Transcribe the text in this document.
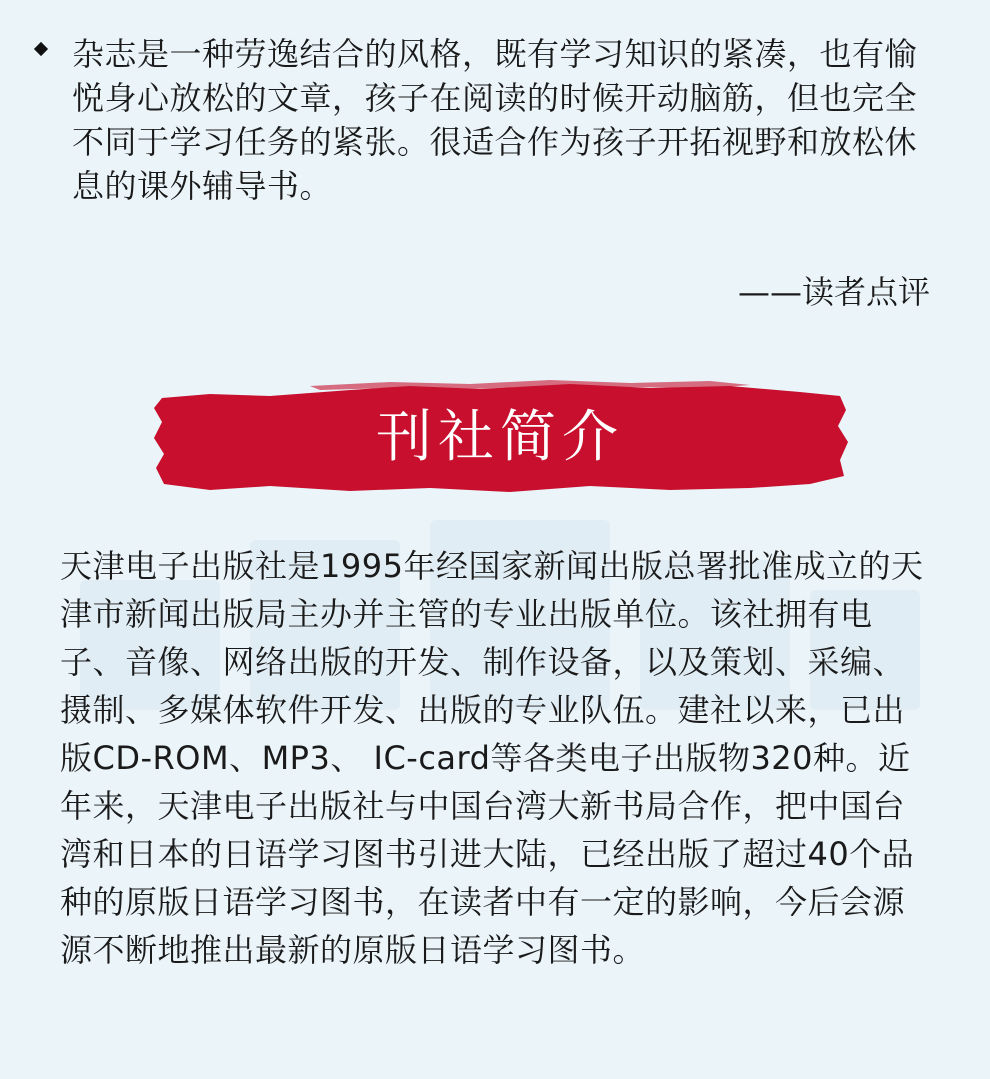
杂志是一种劳逸结合的风格，既有学习知识的紧凑，也有愉悦身心放松的文章，孩子在阅读的时候开动脑筋，但也完全不同于学习任务的紧张。很适合作为孩子开拓视野和放松休息的课外辅导书。
——读者点评
刊社简介
天津电子出版社是1995年经国家新闻出版总署批准成立的天津市新闻出版局主办并主管的专业出版单位。该社拥有电子、音像、网络出版的开发、制作设备，以及策划、采编、摄制、多媒体软件开发、出版的专业队伍。建社以来，已出版CD-ROM、MP3、 IC-card等各类电子出版物320种。近年来，天津电子出版社与中国台湾大新书局合作，把中国台湾和日本的日语学习图书引进大陆，已经出版了超过40个品种的原版日语学习图书，在读者中有一定的影响，今后会源源不断地推出最新的原版日语学习图书。
